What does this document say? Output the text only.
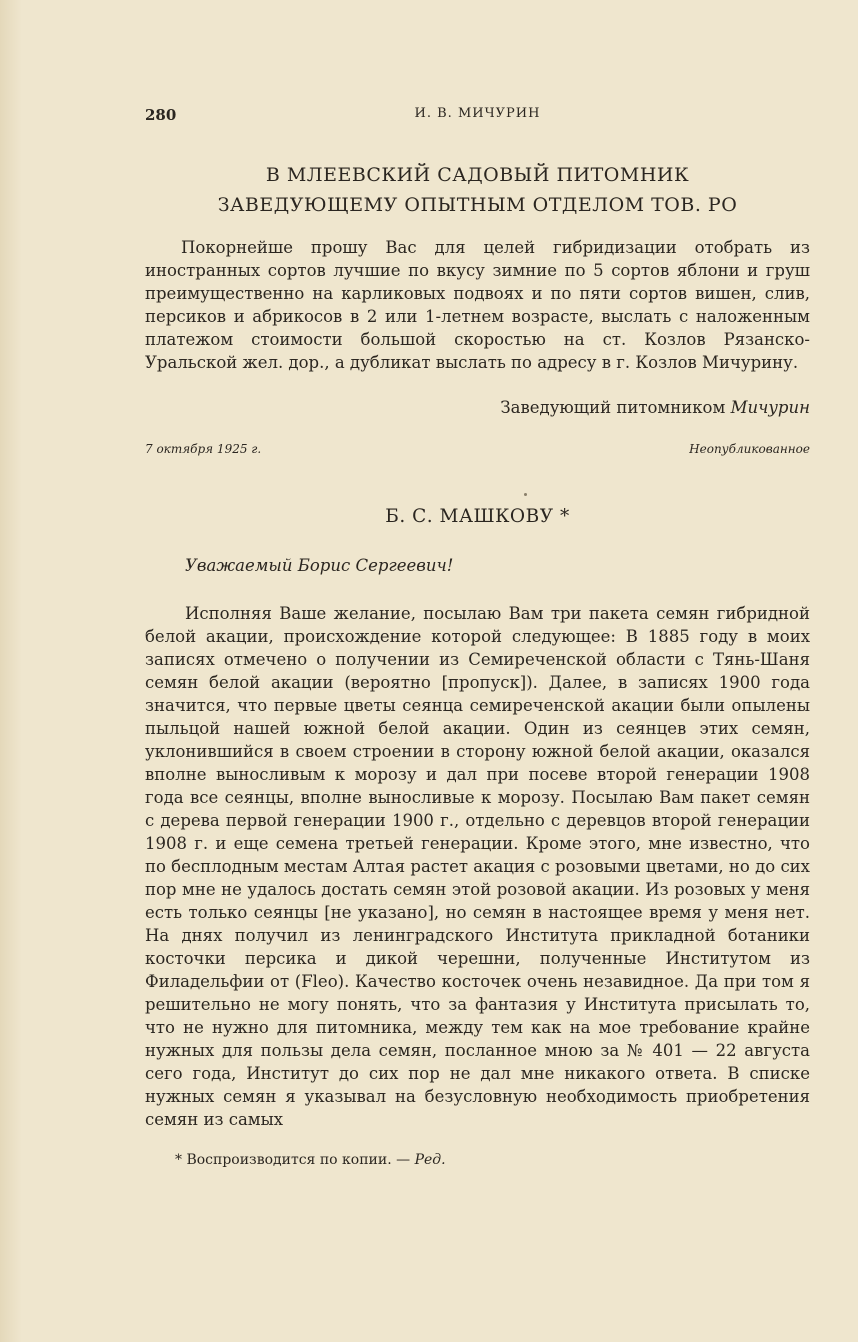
280	И. В. МИЧУРИН
В МЛЕЕВСКИЙ САДОВЫЙ ПИТОМНИК
ЗАВЕДУЮЩЕМУ ОПЫТНЫМ ОТДЕЛОМ ТОВ. РО
Покорнейше прошу Вас для целей гибридизации отобрать из иностранных сортов лучшие по вкусу зимние по 5 сортов яблони и груш преимущественно на карликовых подвоях и по пяти сортов вишен, слив, персиков и абрикосов в 2 или 1-летнем возрасте, выслать с наложенным платежом стоимости большой скоростью на ст. Козлов Рязанско-Уральской жел. дор., а дубликат выслать по адресу в г. Козлов Мичурину.
Заведующий питомником Мичурин
7 октября 1925 г.	Неопубликованное
Б. С. МАШКОВУ *
Уважаемый Борис Сергеевич!
Исполняя Ваше желание, посылаю Вам три пакета семян гибридной белой акации, происхождение которой следующее: В 1885 году в моих записях отмечено о получении из Семиреченской области с Тянь-Шаня семян белой акации (вероятно [пропуск]). Далее, в записях 1900 года значится, что первые цветы сеянца семиреченской акации были опылены пыльцой нашей южной белой акации. Один из сеянцев этих семян, уклонившийся в своем строении в сторону южной белой акации, оказался вполне выносливым к морозу и дал при посеве второй генерации 1908 года все сеянцы, вполне выносливые к морозу. Посылаю Вам пакет семян с дерева первой генерации 1900 г., отдельно с деревцов второй генерации 1908 г. и еще семена третьей генерации. Кроме этого, мне известно, что по бесплодным местам Алтая растет акация с розовыми цветами, но до сих пор мне не удалось достать семян этой розовой акации. Из розовых у меня есть только сеянцы [не указано], но семян в настоящее время у меня нет. На днях получил из ленинградского Института прикладной ботаники косточки персика и дикой черешни, полученные Институтом из Филадельфии от (Fleo). Качество косточек очень незавидное. Да при том я решительно не могу понять, что за фантазия у Института присылать то, что не нужно для питомника, между тем как на мое требование крайне нужных для пользы дела семян, посланное мною за № 401 — 22 августа сего года, Институт до сих пор не дал мне никакого ответа. В списке нужных семян я указывал на безусловную необходимость приобретения семян из самых
* Воспроизводится по копии. — Ред.
